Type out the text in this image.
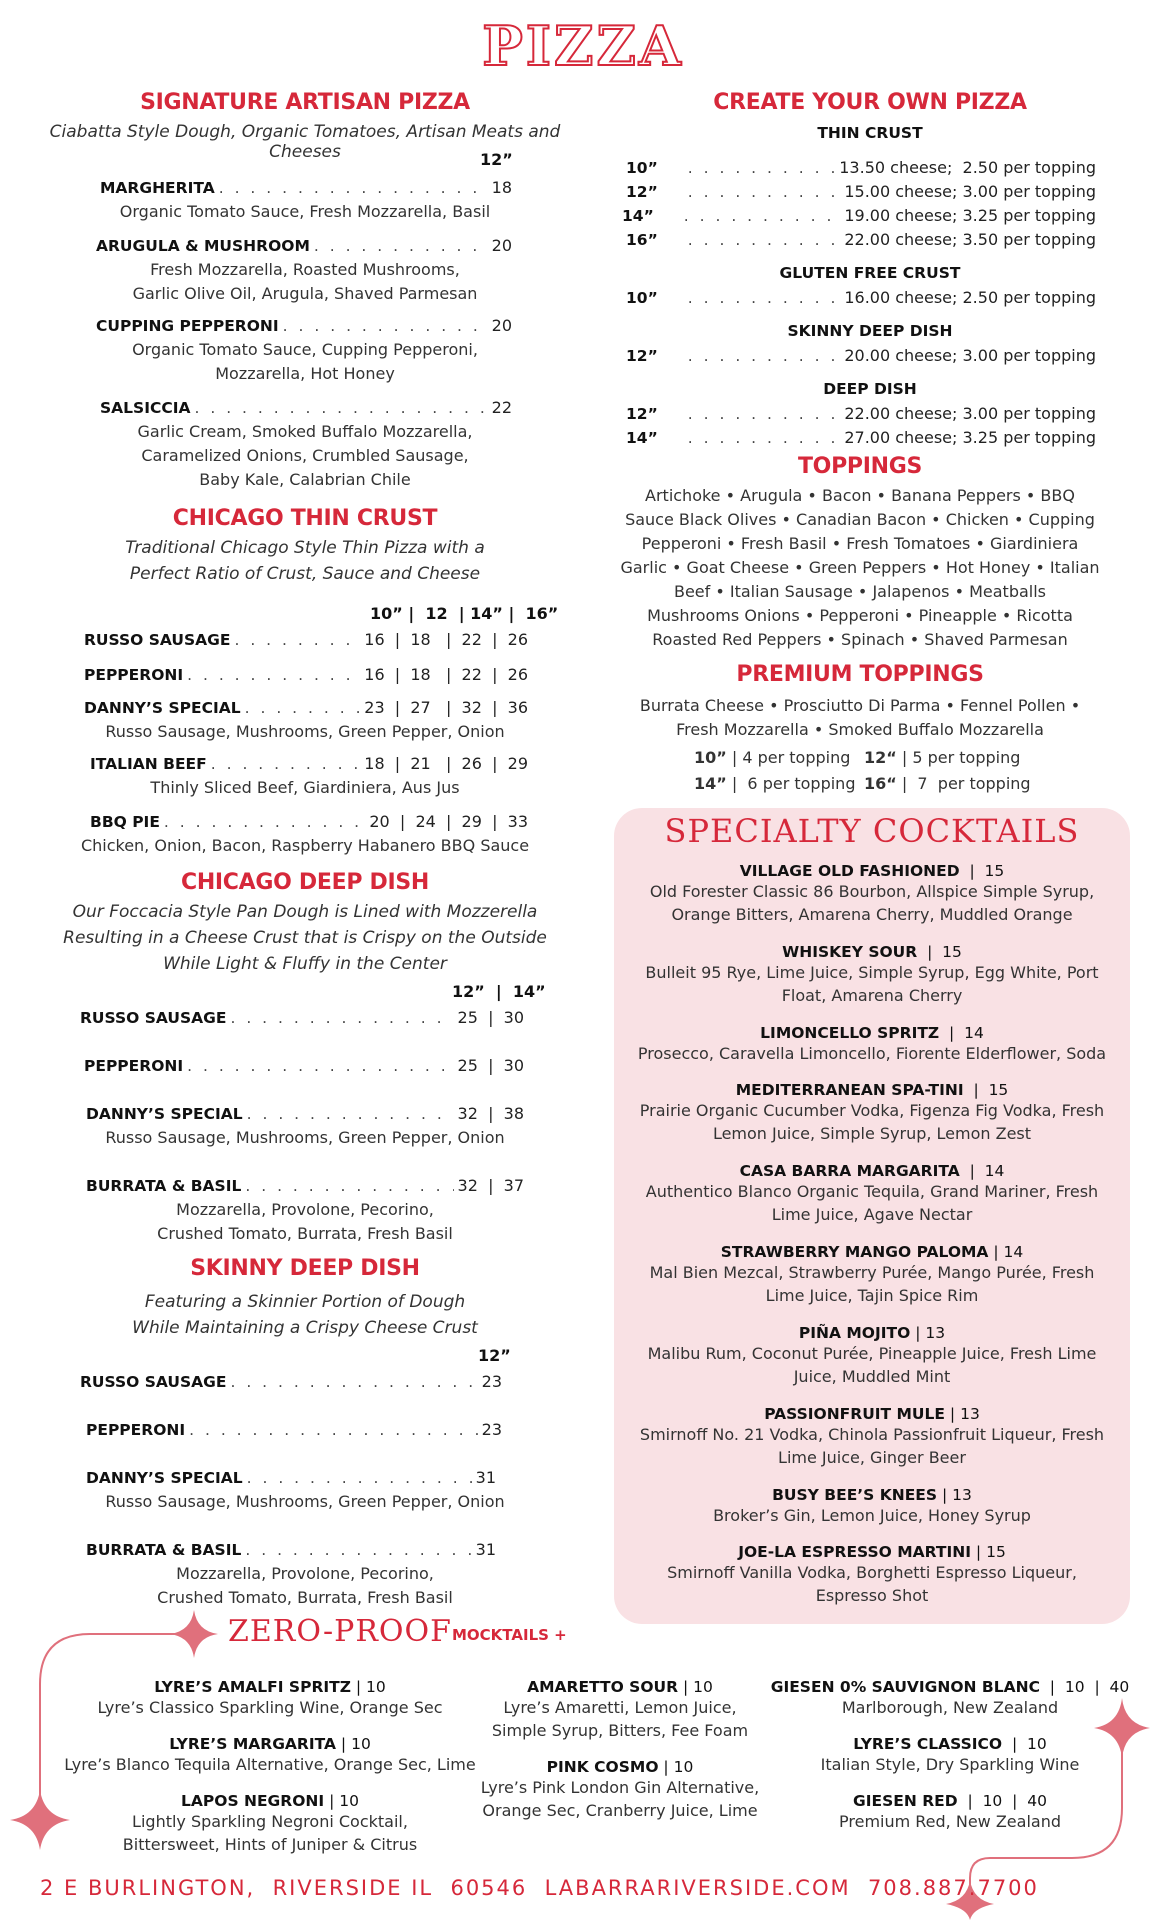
PIZZA
SIGNATURE ARTISAN PIZZA
Ciabatta Style Dough, Organic Tomatoes, Artisan Meats and Cheeses	12”
MARGHERITA . . .	18
Organic Tomato Sauce, Fresh Mozzarella, Basil
ARUGULA & MUSHROOM . . .	20
Fresh Mozzarella, Roasted Mushrooms,
Garlic Olive Oil, Arugula, Shaved Parmesan
CUPPING PEPPERONI . . .	20
Organic Tomato Sauce, Cupping Pepperoni,
Mozzarella, Hot Honey
SALSICCIA . . .	22
Garlic Cream, Smoked Buffalo Mozzarella,
Caramelized Onions, Crumbled Sausage,
Baby Kale, Calabrian Chile
CHICAGO THIN CRUST
Traditional Chicago Style Thin Pizza with a
Perfect Ratio of Crust, Sauce and Cheese
10” |  12  | 14” |  16”
RUSSO SAUSAGE . . .	16  |  18   |  22  |  26
PEPPERONI . . .	16  |  18   |  22  |  26
DANNY’S SPECIAL . . .	23  |  27   |  32  |  36
Russo Sausage, Mushrooms, Green Pepper, Onion
ITALIAN BEEF . . .	18  |  21   |  26  |  29
Thinly Sliced Beef, Giardiniera, Aus Jus
BBQ PIE . . .	20  |  24  |  29  |  33
Chicken, Onion, Bacon, Raspberry Habanero BBQ Sauce
CHICAGO DEEP DISH
Our Foccacia Style Pan Dough is Lined with Mozzerella
Resulting in a Cheese Crust that is Crispy on the Outside
While Light & Fluffy in the Center
12”  |  14”
RUSSO SAUSAGE . . .	25  |  30
PEPPERONI . . .	25  |  30
DANNY’S SPECIAL . . .	32  |  38
Russo Sausage, Mushrooms, Green Pepper, Onion
BURRATA & BASIL . . .	32  |  37
Mozzarella, Provolone, Pecorino,
Crushed Tomato, Burrata, Fresh Basil
SKINNY DEEP DISH
Featuring a Skinnier Portion of Dough
While Maintaining a Crispy Cheese Crust
12”
RUSSO SAUSAGE . . .	23
PEPPERONI . . .	23
DANNY’S SPECIAL . . .	31
Russo Sausage, Mushrooms, Green Pepper, Onion
BURRATA & BASIL . . .	31
Mozzarella, Provolone, Pecorino,
Crushed Tomato, Burrata, Fresh Basil
CREATE YOUR OWN PIZZA
THIN CRUST
10” . . .	13.50 cheese;  2.50 per topping
12” . . .	15.00 cheese; 3.00 per topping
14” . . .	19.00 cheese; 3.25 per topping
16” . . .	22.00 cheese; 3.50 per topping
GLUTEN FREE CRUST
10” . . .	16.00 cheese; 2.50 per topping
SKINNY DEEP DISH
12” . . .	20.00 cheese; 3.00 per topping
DEEP DISH
12” . . .	22.00 cheese; 3.00 per topping
14” . . .	27.00 cheese; 3.25 per topping
TOPPINGS
Artichoke • Arugula • Bacon • Banana Peppers • BBQ
Sauce Black Olives • Canadian Bacon • Chicken • Cupping
Pepperoni • Fresh Basil • Fresh Tomatoes • Giardiniera
Garlic • Goat Cheese • Green Peppers • Hot Honey • Italian
Beef • Italian Sausage • Jalapenos • Meatballs
Mushrooms Onions • Pepperoni • Pineapple • Ricotta
Roasted Red Peppers • Spinach • Shaved Parmesan
PREMIUM TOPPINGS
Burrata Cheese • Prosciutto Di Parma • Fennel Pollen •
Fresh Mozzarella • Smoked Buffalo Mozzarella
10” | 4 per topping 12“ | 5 per topping
14” |  6 per topping 16“ |  7  per topping
SPECIALTY COCKTAILS
VILLAGE OLD FASHIONED  |  15
Old Forester Classic 86 Bourbon, Allspice Simple Syrup,
Orange Bitters, Amarena Cherry, Muddled Orange
WHISKEY SOUR  |  15
Bulleit 95 Rye, Lime Juice, Simple Syrup, Egg White, Port
Float, Amarena Cherry
LIMONCELLO SPRITZ  |  14
Prosecco, Caravella Limoncello, Fiorente Elderflower, Soda
MEDITERRANEAN SPA-TINI  |  15
Prairie Organic Cucumber Vodka, Figenza Fig Vodka, Fresh
Lemon Juice, Simple Syrup, Lemon Zest
CASA BARRA MARGARITA  |  14
Authentico Blanco Organic Tequila, Grand Mariner, Fresh
Lime Juice, Agave Nectar
STRAWBERRY MANGO PALOMA | 14
Mal Bien Mezcal, Strawberry Purée, Mango Purée, Fresh
Lime Juice, Tajin Spice Rim
PIÑA MOJITO | 13
Malibu Rum, Coconut Purée, Pineapple Juice, Fresh Lime
Juice, Muddled Mint
PASSIONFRUIT MULE | 13
Smirnoff No. 21 Vodka, Chinola Passionfruit Liqueur, Fresh
Lime Juice, Ginger Beer
BUSY BEE’S KNEES | 13
Broker’s Gin, Lemon Juice, Honey Syrup
JOE-LA ESPRESSO MARTINI | 15
Smirnoff Vanilla Vodka, Borghetti Espresso Liqueur,
Espresso Shot
ZERO-PROOF MOCKTAILS +
LYRE’S AMALFI SPRITZ | 10
Lyre’s Classico Sparkling Wine, Orange Sec
LYRE’S MARGARITA | 10
Lyre’s Blanco Tequila Alternative, Orange Sec, Lime
LAPOS NEGRONI | 10
Lightly Sparkling Negroni Cocktail,
Bittersweet, Hints of Juniper & Citrus
AMARETTO SOUR | 10
Lyre’s Amaretti, Lemon Juice,
Simple Syrup, Bitters, Fee Foam
PINK COSMO | 10
Lyre’s Pink London Gin Alternative,
Orange Sec, Cranberry Juice, Lime
GIESEN 0% SAUVIGNON BLANC  |  10  |  40
Marlborough, New Zealand
LYRE’S CLASSICO  |  10
Italian Style, Dry Sparkling Wine
GIESEN RED  |  10  |  40
Premium Red, New Zealand
2 E BURLINGTON,  RIVERSIDE IL  60546  LABARRARIVERSIDE.COM  708.887.7700
